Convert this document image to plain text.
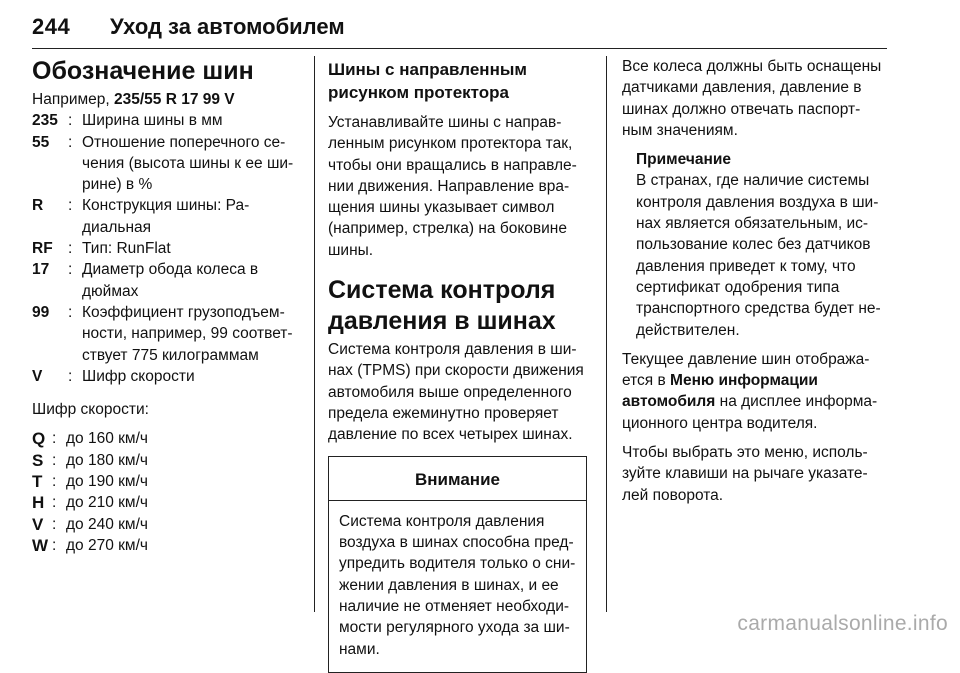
244 Уход за автомобилем
Обозначение шин
Например, 235/55 R 17 99 V
235 : Ширина шины в мм
55	: Отношение поперечного се-чения (высота шины к ее ши-рине) в %
R	: Конструкция шины: Ра-диальная
RF : Тип: RunFlat
17	: Диаметр обода колеса в дюймах
99	: Коэффициент грузоподъем-ности, например, 99 соответ-ствует 775 килограммам
V	: Шифр скорости

Шифр скорости:

Q : до 160 км/ч
S : до 180 км/ч
T : до 190 км/ч
H : до 210 км/ч
V : до 240 км/ч
W : до 270 км/ч
Шины с направленным рисунком протектора

Устанавливайте шины с направ-ленным рисунком протектора так, чтобы они вращались в направле-нии движения. Направление вра-щения шины указывает символ (например, стрелка) на боковине шины.

Система контроля давления в шинах

Система контроля давления в ши-нах (TPMS) при скорости движения автомобиля выше определенного предела ежеминутно проверяет давление по всех четырех шинах.

Внимание
Система контроля давления воздуха в шинах способна пред-упредить водителя только о сни-жении давления в шинах, и ее наличие не отменяет необходи-мости регулярного ухода за ши-нами.

Все колеса должны быть оснащены датчиками давления, давление в шинах должно отвечать паспорт-ным значениям.

Примечание
В странах, где наличие системы контроля давления воздуха в ши-нах является обязательным, ис-пользование колес без датчиков давления приведет к тому, что сертификат одобрения типа транспортного средства будет не-действителен.

Текущее давление шин отобража-ется в Меню информации автомобиля на дисплее информа-ционного центра водителя.

Чтобы выбрать это меню, исполь-зуйте клавиши на рычаге указате-лей поворота.

carmanualsonline.info
